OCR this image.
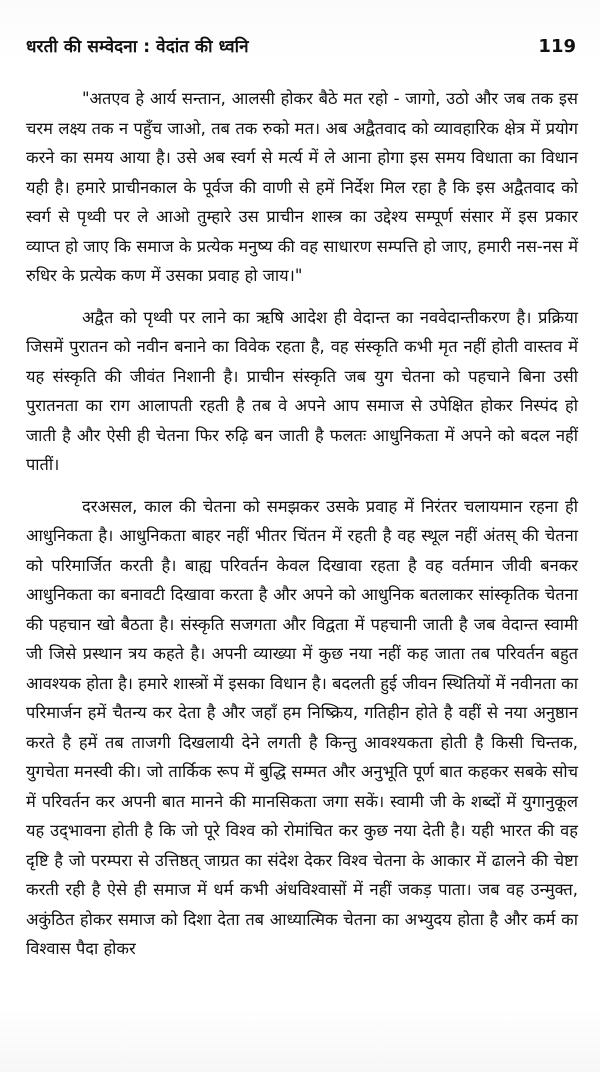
धरती की सम्वेदना : वेदांत की ध्वनि	119

"अतएव हे आर्य सन्तान, आलसी होकर बैठे मत रहो - जागो, उठो और जब तक इस चरम लक्ष्य तक न पहुँच जाओ, तब तक रुको मत। अब अद्वैतवाद को व्यावहारिक क्षेत्र में प्रयोग करने का समय आया है। उसे अब स्वर्ग से मर्त्य में ले आना होगा इस समय विधाता का विधान यही है। हमारे प्राचीनकाल के पूर्वज की वाणी से हमें निर्देश मिल रहा है कि इस अद्वैतवाद को स्वर्ग से पृथ्वी पर ले आओ तुम्हारे उस प्राचीन शास्त्र का उद्देश्य सम्पूर्ण संसार में इस प्रकार व्याप्त हो जाए कि समाज के प्रत्येक मनुष्य की वह साधारण सम्पत्ति हो जाए, हमारी नस-नस में रुधिर के प्रत्येक कण में उसका प्रवाह हो जाय।"

अद्वैत को पृथ्वी पर लाने का ऋषि आदेश ही वेदान्त का नववेदान्तीकरण है। प्रक्रिया जिसमें पुरातन को नवीन बनाने का विवेक रहता है, वह संस्कृति कभी मृत नहीं होती वास्तव में यह संस्कृति की जीवंत निशानी है। प्राचीन संस्कृति जब युग चेतना को पहचाने बिना उसी पुरातनता का राग आलापती रहती है तब वे अपने आप समाज से उपेक्षित होकर निस्पंद हो जाती है और ऐसी ही चेतना फिर रुढ़ि बन जाती है फलतः आधुनिकता में अपने को बदल नहीं पातीं।

दरअसल, काल की चेतना को समझकर उसके प्रवाह में निरंतर चलायमान रहना ही आधुनिकता है। आधुनिकता बाहर नहीं भीतर चिंतन में रहती है वह स्थूल नहीं अंतस् की चेतना को परिमार्जित करती है। बाह्य परिवर्तन केवल दिखावा रहता है वह वर्तमान जीवी बनकर आधुनिकता का बनावटी दिखावा करता है और अपने को आधुनिक बतलाकर सांस्कृतिक चेतना की पहचान खो बैठता है। संस्कृति सजगता और विद्वता में पहचानी जाती है जब वेदान्त स्वामी जी जिसे प्रस्थान त्रय कहते है। अपनी व्याख्या में कुछ नया नहीं कह जाता तब परिवर्तन बहुत आवश्यक होता है। हमारे शास्त्रों में इसका विधान है। बदलती हुई जीवन स्थितियों में नवीनता का परिमार्जन हमें चैतन्य कर देता है और जहाँ हम निष्क्रिय, गतिहीन होते है वहीं से नया अनुष्ठान करते है हमें तब ताजगी दिखलायी देने लगती है किन्तु आवश्यकता होती है किसी चिन्तक, युगचेता मनस्वी की। जो तार्किक रूप में बुद्धि सम्मत और अनुभूति पूर्ण बात कहकर सबके सोच में परिवर्तन कर अपनी बात मानने की मानसिकता जगा सकें। स्वामी जी के शब्दों में युगानुकूल यह उद्‌भावना होती है कि जो पूरे विश्व को रोमांचित कर कुछ नया देती है। यही भारत की वह दृष्टि है जो परम्परा से उत्तिष्ठत् जाग्रत का संदेश देकर विश्व चेतना के आकार में ढालने की चेष्टा करती रही है ऐसे ही समाज में धर्म कभी अंधविश्वासों में नहीं जकड़ पाता। जब वह उन्मुक्त, अकुंठित होकर समाज को दिशा देता तब आध्यात्मिक चेतना का अभ्युदय होता है और कर्म का विश्वास पैदा होकर
